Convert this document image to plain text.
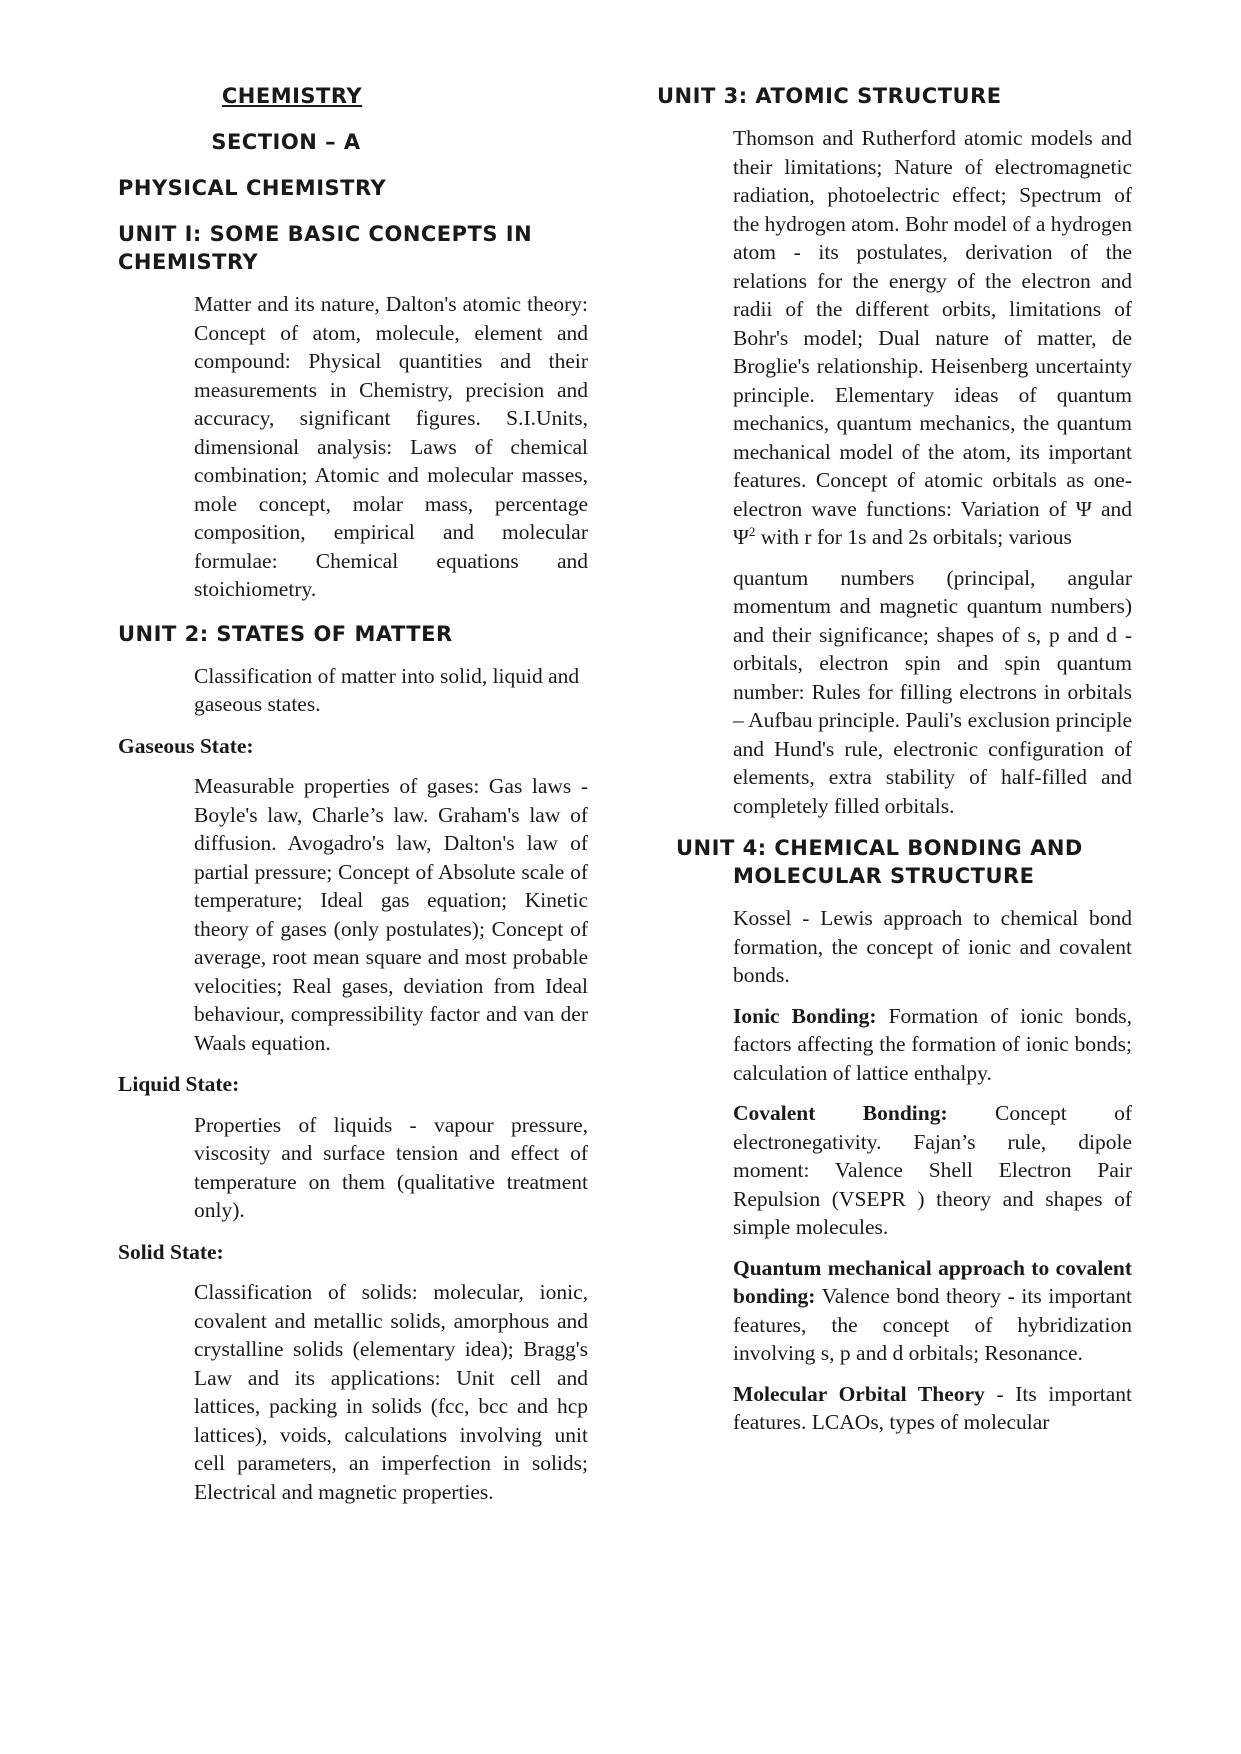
CHEMISTRY

SECTION – A

PHYSICAL CHEMISTRY

UNIT I: SOME BASIC CONCEPTS IN
CHEMISTRY

Matter and its nature, Dalton's atomic theory: Concept of atom, molecule, element and compound: Physical quantities and their measurements in Chemistry, precision and accuracy, significant figures. S.I.Units, dimensional analysis: Laws of chemical combination; Atomic and molecular masses, mole concept, molar mass, percentage composition, empirical and molecular formulae: Chemical equations and stoichiometry.

UNIT 2: STATES OF MATTER

Classification of matter into solid, liquid and gaseous states.

Gaseous State:

Measurable properties of gases: Gas laws - Boyle's law, Charle’s law. Graham's law of diffusion. Avogadro's law, Dalton's law of partial pressure; Concept of Absolute scale of temperature; Ideal gas equation; Kinetic theory of gases (only postulates); Concept of average, root mean square and most probable velocities; Real gases, deviation from Ideal behaviour, compressibility factor and van der Waals equation.

Liquid State:

Properties of liquids - vapour pressure, viscosity and surface tension and effect of temperature on them (qualitative treatment only).

Solid State:

Classification of solids: molecular, ionic, covalent and metallic solids, amorphous and crystalline solids (elementary idea); Bragg's Law and its applications: Unit cell and lattices, packing in solids (fcc, bcc and hcp lattices), voids, calculations involving unit cell parameters, an imperfection in solids; Electrical and magnetic properties.

UNIT 3: ATOMIC STRUCTURE

Thomson and Rutherford atomic models and their limitations; Nature of electromagnetic radiation, photoelectric effect; Spectrum of the hydrogen atom. Bohr model of a hydrogen atom - its postulates, derivation of the relations for the energy of the electron and radii of the different orbits, limitations of Bohr's model; Dual nature of matter, de Broglie's relationship. Heisenberg uncertainty principle. Elementary ideas of quantum mechanics, quantum mechanics, the quantum mechanical model of the atom, its important features. Concept of atomic orbitals as one-electron wave functions: Variation of Ψ and $\Psi^2$ with r for 1s and 2s orbitals; various

quantum numbers (principal, angular momentum and magnetic quantum numbers) and their significance; shapes of s, p and d - orbitals, electron spin and spin quantum number: Rules for filling electrons in orbitals – Aufbau principle. Pauli's exclusion principle and Hund's rule, electronic configuration of elements, extra stability of half-filled and completely filled orbitals.

UNIT 4: CHEMICAL BONDING AND

MOLECULAR STRUCTURE

Kossel - Lewis approach to chemical bond formation, the concept of ionic and covalent bonds.

Ionic Bonding: Formation of ionic bonds, factors affecting the formation of ionic bonds; calculation of lattice enthalpy.

Covalent Bonding: Concept of electronegativity. Fajan’s rule, dipole moment: Valence Shell Electron Pair Repulsion (VSEPR ) theory and shapes of simple molecules.

Quantum mechanical approach to covalent bonding: Valence bond theory - its important features, the concept of hybridization involving s, p and d orbitals; Resonance.

Molecular Orbital Theory - Its important features. LCAOs, types of molecular
